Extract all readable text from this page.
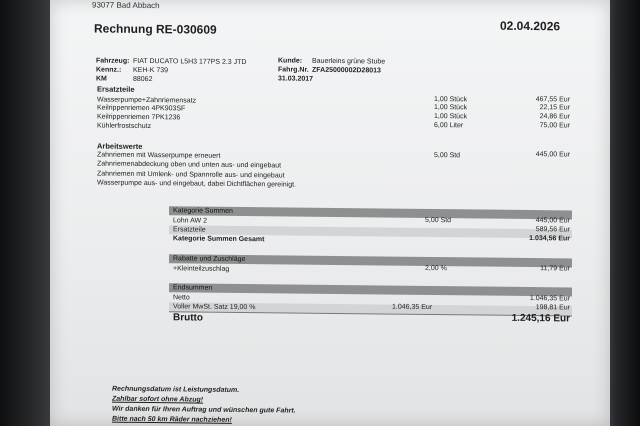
93077 Bad Abbach
Rechnung RE-030609	02.04.2026
Fahrzeug: FIAT DUCATO L5H3 177PS 2.3 JTD
Kennz.: KEH-K 739
KM	88062
Kunde: Bauerleins grüne Stube
Fahrg.Nr. ZFA25000002D28013
31.03.2017
Ersatzteile
Wasserpumpe+Zahnriemensatz	1,00 Stück	467,55 Eur
Keilrippenriemen 4PK903SF	1,00 Stück	22,15 Eur
Keilrippenriemen 7PK1236	1,00 Stück	24,86 Eur
Kühlerfrostschutz	6,00 Liter	75,00 Eur
Arbeitswerte
Zahnriemen mit Wasserpumpe erneuert
Zahnriemenabdeckung oben und unten aus- und eingebaut
Zahnriemen mit Umlenk- und Spannrolle aus- und eingebaut
Wasserpumpe aus- und eingebaut, dabei Dichtflächen gereinigt.
5,00 Std	445,00 Eur
Kategorie Summen
Lohn AW 2	5,00 Std	445,00 Eur
Ersatzteile	589,56 Eur
Kategorie Summen Gesamt	1.034,56 Eur
Rabatte und Zuschläge
+Kleinteilzuschlag	2,00 %	11,79 Eur
Endsummen
Netto	1.046,35 Eur
Voller MwSt. Satz 19,00 %	1.046,35 Eur	198,81 Eur
Brutto	1.245,16 Eur
Rechnungsdatum ist Leistungsdatum.
Zahlbar sofort ohne Abzug!
Wir danken für Ihren Auftrag und wünschen gute Fahrt.
Bitte nach 50 km Räder nachziehen!
